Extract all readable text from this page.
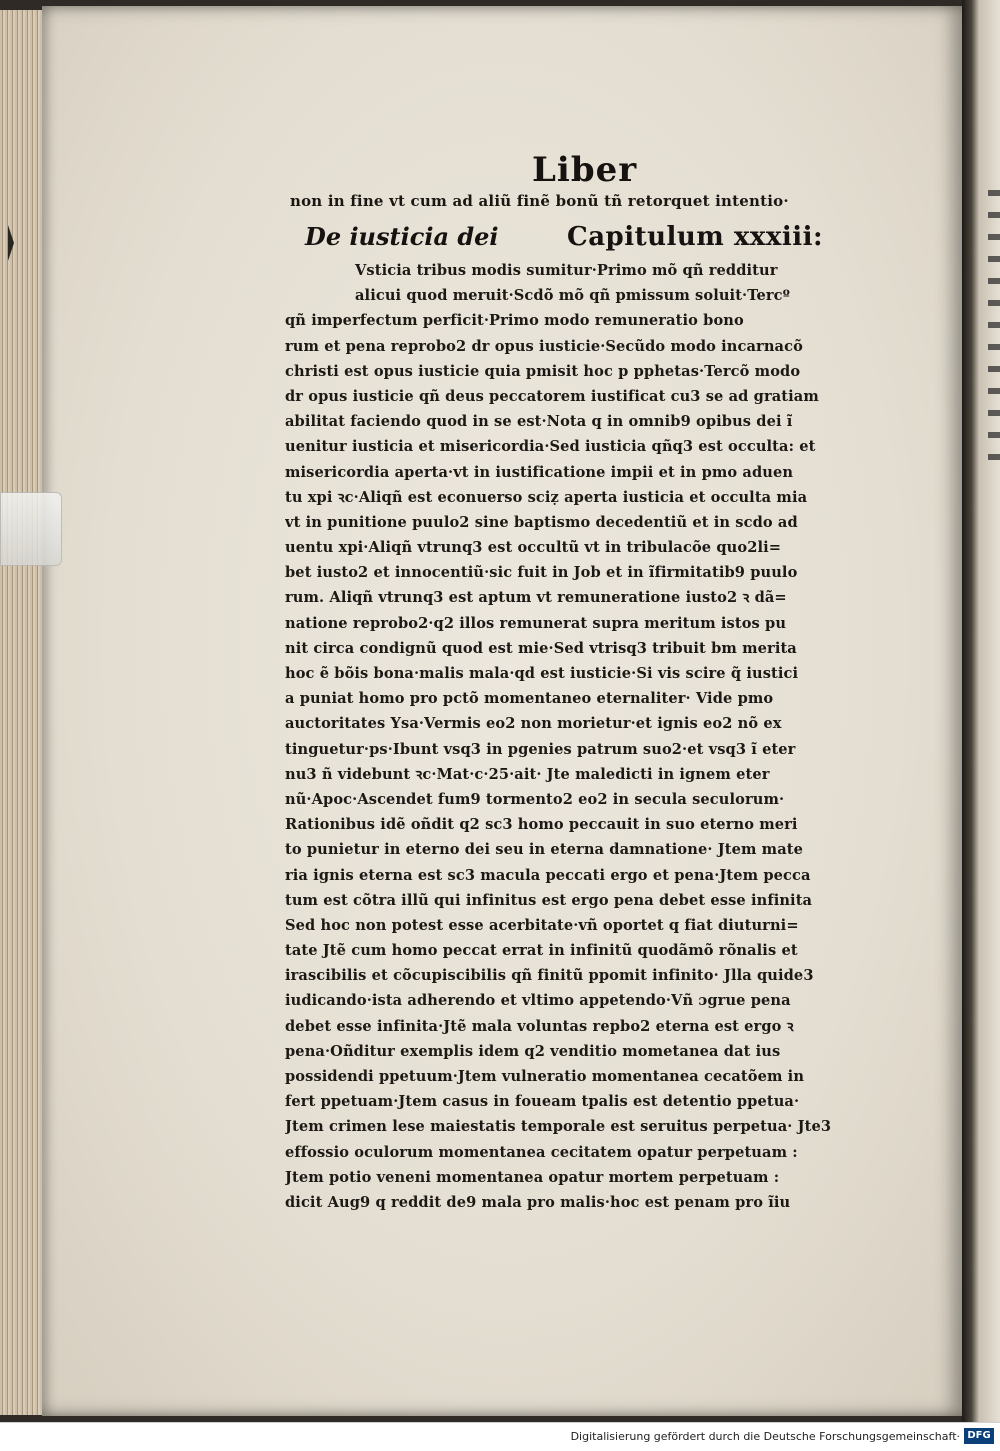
Liber
non in fine vt cum ad aliũ finẽ bonũ tñ retorquet intentio·
De iusticia dei	Capitulum xxxiii:
Vsticia tribus modis sumitur·Primo mõ qñ redditur
alicui quod meruit·Scdõ mõ qñ pmissum soluit·Tercº
qñ imperfectum perficit·Primo modo remuneratio bono
rum et pena reprobo2 dr opus iusticie·Secũdo modo incarnacõ
christi est opus iusticie quia pmisit hoc p pphetas·Tercõ modo
dr opus iusticie qñ deus peccatorem iustificat cu3 se ad gratiam
abilitat faciendo quod in se est·Nota q in omnib9 opibus dei ĩ
uenitur iusticia et misericordia·Sed iusticia qñq3 est occulta: et
misericordia aperta·vt in iustificatione impii et in pmo aduen
tu xpi ꝛc·Aliqñ est econuerso sciẓ aperta iusticia et occulta mia
vt in punitione puulo2 sine baptismo decedentiũ et in scdo ad
uentu xpi·Aliqñ vtrunq3 est occultũ vt in tribulacõe quo2li=
bet iusto2 et innocentiũ·sic fuit in Job et in ĩfirmitatib9 puulo
rum. Aliqñ vtrunq3 est aptum vt remuneratione iusto2 ꝛ dã=
natione reprobo2·q2 illos remunerat supra meritum istos pu
nit circa condignũ quod est mie·Sed vtrisq3 tribuit bm merita
hoc ẽ bõis bona·malis mala·qd est iusticie·Si vis scire q̃ iustici
a puniat homo pro pctõ momentaneo eternaliter· Vide pmo
auctoritates Ysa·Vermis eo2 non morietur·et ignis eo2 nõ ex
tinguetur·ps·Ibunt vsq3 in pgenies patrum suo2·et vsq3 ĩ eter
nu3 ñ videbunt ꝛc·Mat·c·25·ait· Jte maledicti in ignem eter
nũ·Apoc·Ascendet fum9 tormento2 eo2 in secula seculorum·
Rationibus idẽ oñdit q2 sc3 homo peccauit in suo eterno meri
to punietur in eterno dei seu in eterna damnatione· Jtem mate
ria ignis eterna est sc3 macula peccati ergo et pena·Jtem pecca
tum est cõtra illũ qui infinitus est ergo pena debet esse infinita
Sed hoc non potest esse acerbitate·vñ oportet q fiat diuturni=
tate Jtẽ cum homo peccat errat in infinitũ quodãmõ rõnalis et
irascibilis et cõcupiscibilis qñ finitũ ppomit infinito· Jlla quide3
iudicando·ista adherendo et vltimo appetendo·Vñ ɔgrue pena
debet esse infinita·Jtẽ mala voluntas repbo2 eterna est ergo ꝛ
pena·Oñditur exemplis idem q2 venditio mometanea dat ius
possidendi ppetuum·Jtem vulneratio momentanea cecatõem in
fert ppetuam·Jtem casus in foueam tpalis est detentio ppetua·
Jtem crimen lese maiestatis temporale est seruitus perpetua· Jte3
effossio oculorum momentanea cecitatem opatur perpetuam :
Jtem potio veneni momentanea opatur mortem perpetuam :
dicit Aug9 q reddit de9 mala pro malis·hoc est penam pro ĩiu
Digitalisierung gefördert durch die Deutsche Forschungsgemeinschaft· DFG
